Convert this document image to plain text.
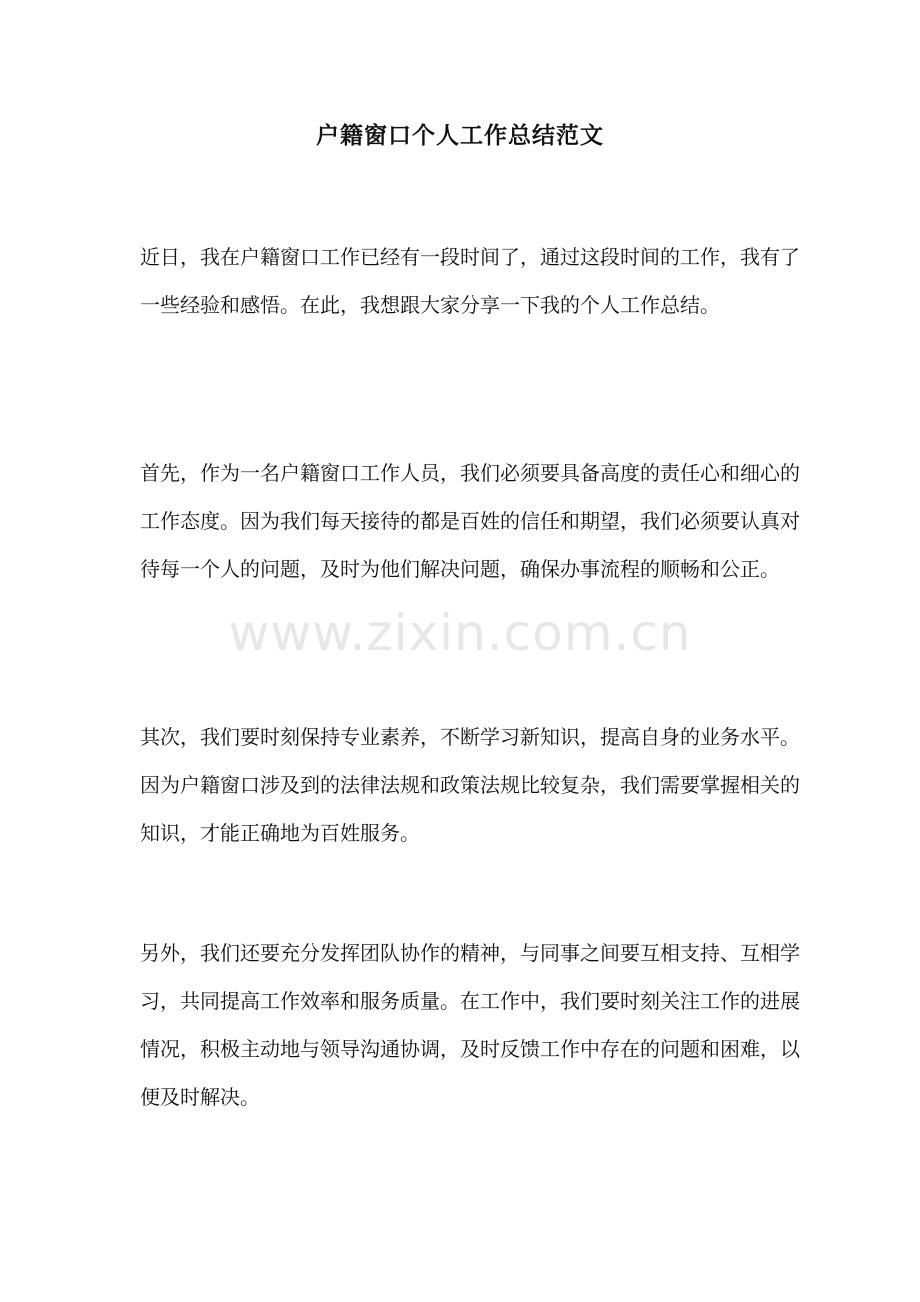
户籍窗口个人工作总结范文

近日，我在户籍窗口工作已经有一段时间了，通过这段时间的工作，我有了一些经验和感悟。在此，我想跟大家分享一下我的个人工作总结。

首先，作为一名户籍窗口工作人员，我们必须要具备高度的责任心和细心的工作态度。因为我们每天接待的都是百姓的信任和期望，我们必须要认真对待每一个人的问题，及时为他们解决问题，确保办事流程的顺畅和公正。

其次，我们要时刻保持专业素养，不断学习新知识，提高自身的业务水平。因为户籍窗口涉及到的法律法规和政策法规比较复杂，我们需要掌握相关的知识，才能正确地为百姓服务。

另外，我们还要充分发挥团队协作的精神，与同事之间要互相支持、互相学习，共同提高工作效率和服务质量。在工作中，我们要时刻关注工作的进展情况，积极主动地与领导沟通协调，及时反馈工作中存在的问题和困难，以便及时解决。

www.zixin.com.cn
